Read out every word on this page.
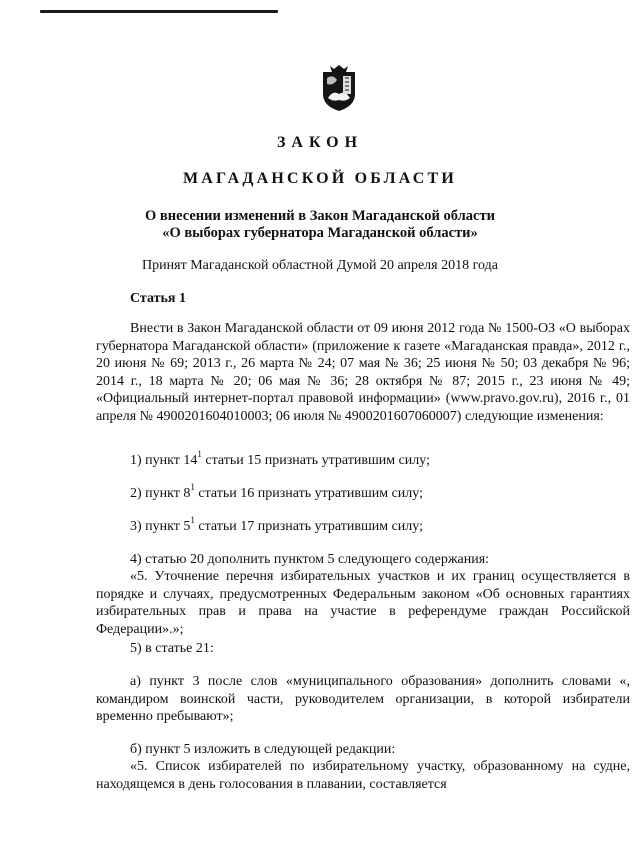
ЗАКОН
МАГАДАНСКОЙ ОБЛАСТИ
О внесении изменений в Закон Магаданской области
«О выборах губернатора Магаданской области»
Принят Магаданской областной Думой 20 апреля 2018 года
Статья 1
Внести в Закон Магаданской области от 09 июня 2012 года № 1500-ОЗ «О выборах губернатора Магаданской области» (приложение к газете «Магаданская правда», 2012 г., 20 июня № 69; 2013 г., 26 марта № 24; 07 мая № 36; 25 июня № 50; 03 декабря № 96; 2014 г., 18 марта № 20; 06 мая № 36; 28 октября № 87; 2015 г., 23 июня № 49; «Официальный интернет-портал правовой информации» (www.pravo.gov.ru), 2016 г., 01 апреля № 4900201604010003; 06 июля № 4900201607060007) следующие изменения:
1) пункт $14^1$ статьи 15 признать утратившим силу;
2) пункт $8^1$ статьи 16 признать утратившим силу;
3) пункт $5^1$ статьи 17 признать утратившим силу;
4) статью 20 дополнить пунктом 5 следующего содержания:
«5. Уточнение перечня избирательных участков и их границ осуществляется в порядке и случаях, предусмотренных Федеральным законом «Об основных гарантиях избирательных прав и права на участие в референдуме граждан Российской Федерации».»;
5) в статье 21:
а) пункт 3 после слов «муниципального образования» дополнить словами «, командиром воинской части, руководителем организации, в которой избиратели временно пребывают»;
б) пункт 5 изложить в следующей редакции:
«5. Список избирателей по избирательному участку, образованному на судне, находящемся в день голосования в плавании, составляется
